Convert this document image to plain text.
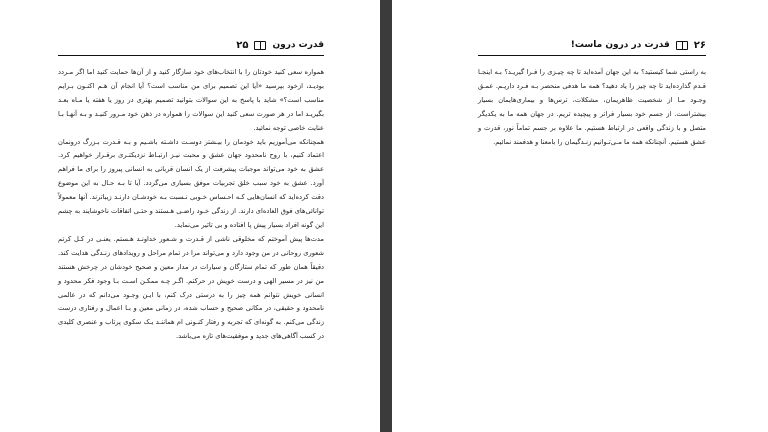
قدرت درون
۲۵

همواره سعی کنید خودتان را با انتخاب‌های خود سازگار کنید و از آن‌ها حمایت کنید اما اگر مـردد بودیـد، ازخود بپرسید «آیا این تصمیم برای من مناسب است؟ آیا انجام آن هـم اکنـون بـرایم مناسب است؟» شاید با پاسخ به این سوالات بتوانید تصمیم بهتری در روز یا هفته یا مـاه بعـد بگیریـد اما در هر صورت سعی کنید این سوالات را همواره در ذهن خود مـرور کنیـد و بـه آنهـا بـا عنایت خاصی توجه نمائید.

همچنانکه می‌آموزیم باید خودمان را بیـشتر دوسـت داشـته باشـیم و بـه قـدرت بـزرگ درونمان اعتماد کنیم، با روح نامحدود جهان عشق و محبت نیـز ارتبـاط نزدیکتـری برقـرار خواهیم کرد. عشق به خود می‌تواند موجبات پیشرفت از یک انسان قربانی به انسانی پیروز را برای ما فراهم آورد. عشق به خود سبب خلق تجربیات موفق بسیاری می‌گردد. آیا تا بـه حـال به این موضوع دقت کرده‌اید که انسان‌هایی کـه احـساس خـوبی نـسبت بـه خودشـان دارنـد زیباترند. آنها معمولاً توانائی‌های فوق العاده‌ای دارند. از زندگی خـود راضـی هـستند و حتـی اتفاقات ناخوشایند به چشم این گونه افراد بسیار پیش پا افتاده و بی تاثیر می‌نماید.

مدت‌ها پیش آموختم که مخلوقی ناشی از قـدرت و شـعور خداونـد هـستم. یعنـی در کـل کرتم شعوری روحانی در من وجود دارد و می‌تواند مرا در تمام مراحل و رویدادهای زنـدگی هدایت کند. دقیقاً همان طور که تمام ستارگان و سیارات در مدار معین و صحیح خودشان در چرخش هستند من نیز در مسیر الهی و درست خویش در حرکتم. اگـر چـه ممکـن اسـت بـا وجود فکر محدود و انسانی خویش نتوانم همه چیز را به درستی درک کنم، با ایـن وجـود می‌دانم که در عالمی نامحدود و حقیقی، در مکانی صحیح و حساب شده، در زمانی معین و بـا اعمال و رفتاری درست زندگی می‌کنم. به گونه‌ای که تجربه و رفتار کنـونی ام هماننـد یـک سکوی پرتاب و عنصری کلیدی در کسب آگاهی‌های جدید و موفقیت‌های تازه می‌باشد.

۲۶
قدرت در درون ماست!

به راستی شما کیستید؟ به این جهان آمده‌اید تا چه چیـزی را فـرا گیریـد؟ بـه اینجـا قـدم گذارده‌اید تا چه چیز را یاد دهید؟ همه ما هدفی منحصر بـه فـرد داریـم. عمـق وجـود مـا از شخصیت ظاهریمان، مشکلات، ترس‌ها و بیماری‌هایمان بسیار بیشتراست. از جسم خود بسیار فراتر و پیچیده تریم. در جهان همه ما به یکدیگر متصل و با زندگی واقعی در ارتباط هستیم. ما علاوه بر جسم تماماً نور، قدرت و عشق هستیم. آنچنانکه همه ما مـی‌تـوانیم زنـدگیمان را بامعنا و هدفمند نمائیم.
